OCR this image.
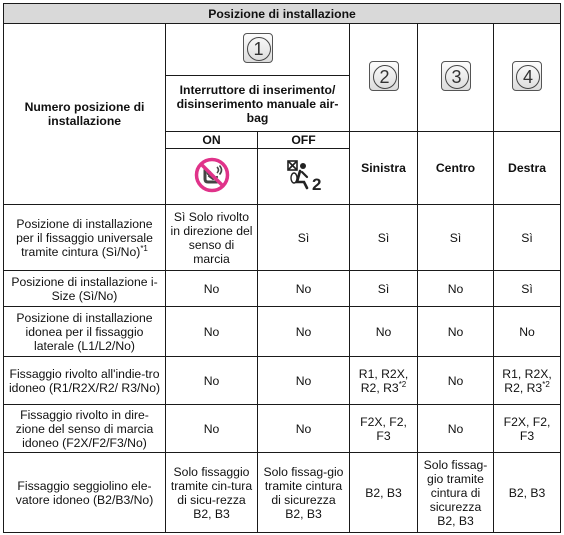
Posizione di installazione					
Numero posizione di installazione	1		2	3	4

	Interruttore di inserimento/ disinserimento manuale air-bag				
	ON	OFF	Sinistra	Centro	Destra

2			

Posizione di installazione per il fissaggio universale tramite cintura (Sì/No)$^{*1}$	Sì Solo rivolto in direzione del senso di marcia	Sì	Sì	Sì	Sì
Posizione di installazione i-Size (Sì/No)	No	No	Sì	No	Sì
Posizione di installazione idonea per il fissaggio laterale (L1/L2/No)	No	No	No	No	No
Fissaggio rivolto all'indie-tro idoneo (R1/R2X/R2/ R3/No)	No	No	R1, R2X, R2, R3$^{*2}$	No	R1, R2X, R2, R3$^{*2}$
Fissaggio rivolto in dire-zione del senso di marcia idoneo (F2X/F2/F3/No)	No	No	F2X, F2, F3	No	F2X, F2, F3
Fissaggio seggiolino ele-vatore idoneo (B2/B3/No)	Solo fissaggio tramite cin-tura di sicu-rezza B2, B3	Solo fissag-gio tramite cintura di sicurezza B2, B3	B2, B3	Solo fissag-gio tramite cintura di sicurezza B2, B3	B2, B3
